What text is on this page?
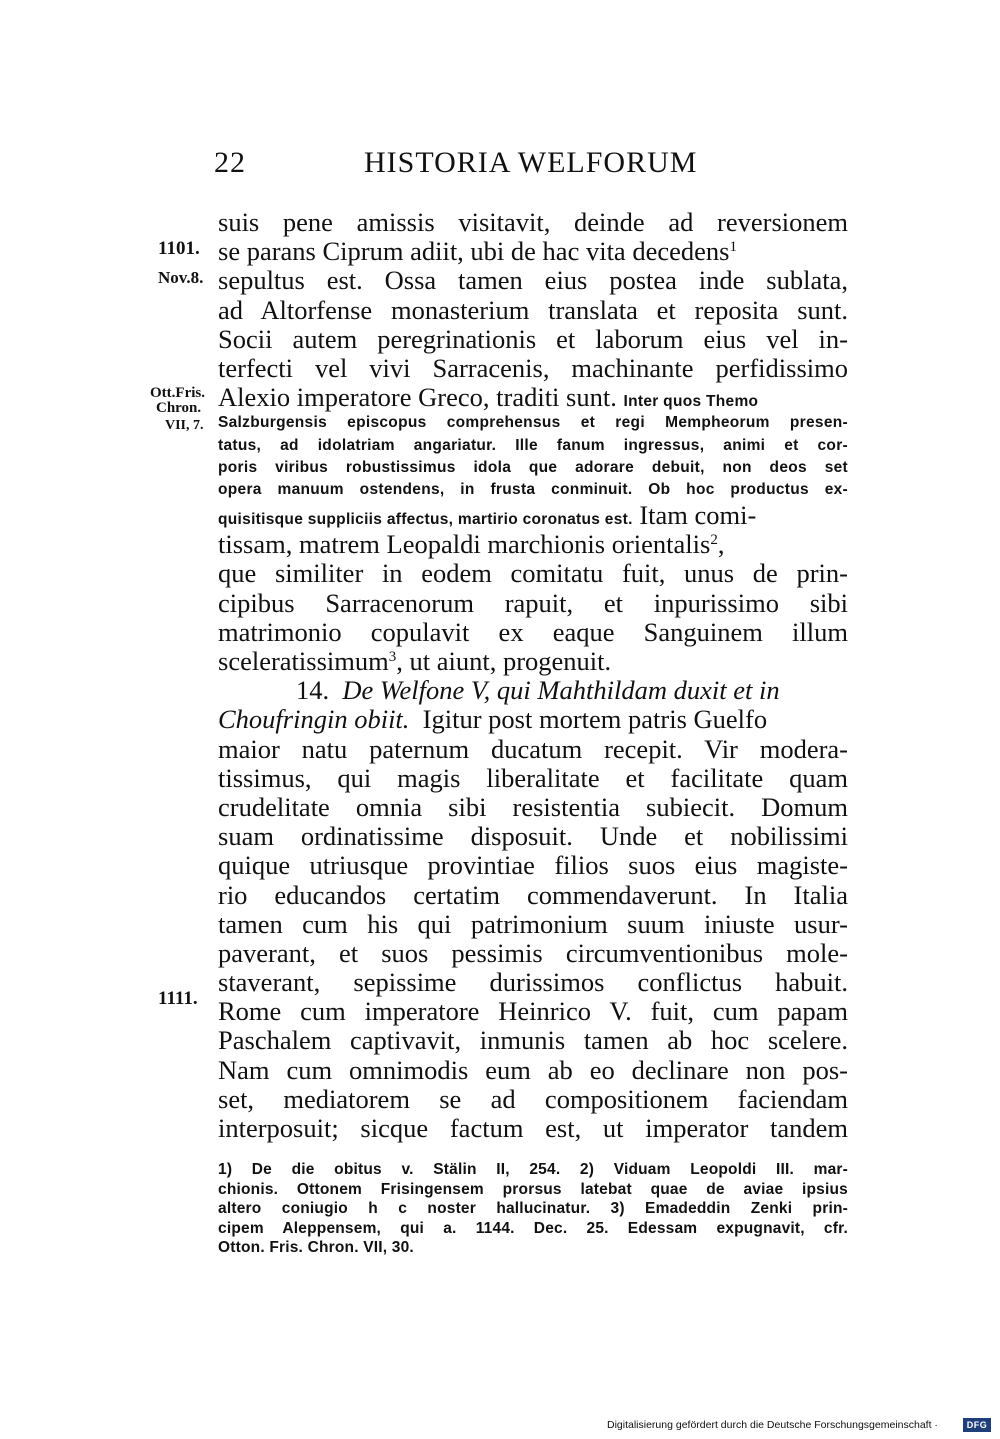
22	HISTORIA WELFORUM
1101.
Nov.8.
Ott.Fris.
Chron.
VII, 7.
1111.
suis pene amissis visitavit, deinde ad reversionem
se parans Ciprum adiit, ubi de hac vita decedens$^1$
sepultus est. Ossa tamen eius postea inde sublata,
ad Altorfense monasterium translata et reposita sunt.
Socii autem peregrinationis et laborum eius vel in-
terfecti vel vivi Sarracenis, machinante perfidissimo
Alexio imperatore Greco, traditi sunt. Inter quos Themo
Salzburgensis episcopus comprehensus et regi Mempheorum presen-
tatus, ad idolatriam angariatur. Ille fanum ingressus, animi et cor-
poris viribus robustissimus idola que adorare debuit, non deos set
opera manuum ostendens, in frusta conminuit. Ob hoc productus ex-
quisitisque suppliciis affectus, martirio coronatus est. Itam comi-
tissam, matrem Leopaldi marchionis orientalis$^2$,
que similiter in eodem comitatu fuit, unus de prin-
cipibus Sarracenorum rapuit, et inpurissimo sibi
matrimonio copulavit ex eaque Sanguinem illum
sceleratissimum$^3$, ut aiunt, progenuit.
14. De Welfone V, qui Mahthildam duxit et in
Choufringin obiit. Igitur post mortem patris Guelfo
maior natu paternum ducatum recepit. Vir modera-
tissimus, qui magis liberalitate et facilitate quam
crudelitate omnia sibi resistentia subiecit. Domum
suam ordinatissime disposuit. Unde et nobilissimi
quique utriusque provintiae filios suos eius magiste-
rio educandos certatim commendaverunt. In Italia
tamen cum his qui patrimonium suum iniuste usur-
paverant, et suos pessimis circumventionibus mole-
staverant, sepissime durissimos conflictus habuit.
Rome cum imperatore Heinrico V. fuit, cum papam
Paschalem captivavit, inmunis tamen ab hoc scelere.
Nam cum omnimodis eum ab eo declinare non pos-
set, mediatorem se ad compositionem faciendam
interposuit; sicque factum est, ut imperator tandem
1) De die obitus v. Stälin II, 254. 2) Viduam Leopoldi III. mar-
chionis. Ottonem Frisingensem prorsus latebat quae de aviae ipsius
altero coniugio h c noster hallucinatur. 3) Emadeddin Zenki prin-
cipem Aleppensem, qui a. 1144. Dec. 25. Edessam expugnavit, cfr.
Otton. Fris. Chron. VII, 30.
Digitalisierung gefördert durch die Deutsche Forschungsgemeinschaft ·	DFG
